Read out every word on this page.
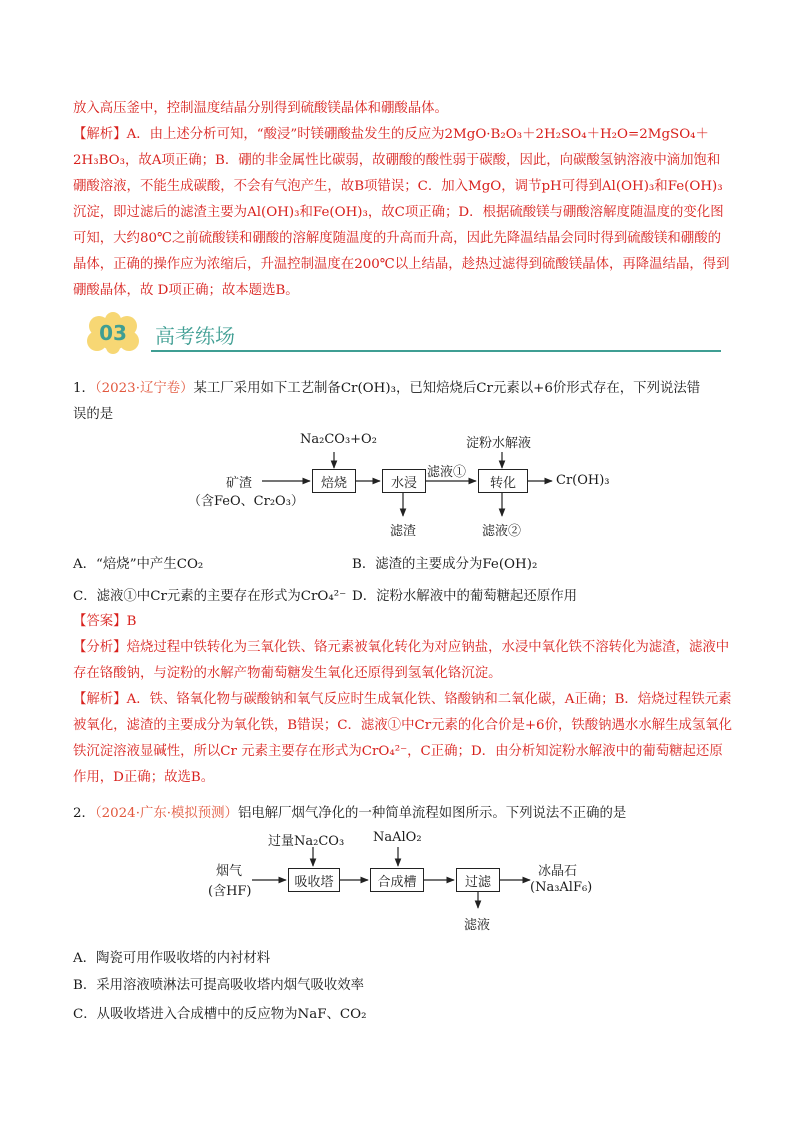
放入高压釜中，控制温度结晶分别得到硫酸镁晶体和硼酸晶体。

【解析】A．由上述分析可知，“酸浸”时镁硼酸盐发生的反应为2MgO·B₂O₃＋2H₂SO₄＋H₂O=2MgSO₄＋2H₃BO₃，故A项正确；B．硼的非金属性比碳弱，故硼酸的酸性弱于碳酸，因此，向碳酸氢钠溶液中滴加饱和硼酸溶液，不能生成碳酸，不会有气泡产生，故B项错误；C．加入MgO，调节pH可得到Al(OH)₃和Fe(OH)₃沉淀，即过滤后的滤渣主要为Al(OH)₃和Fe(OH)₃，故C项正确；D．根据硫酸镁与硼酸溶解度随温度的变化图可知，大约80℃之前硫酸镁和硼酸的溶解度随温度的升高而升高，因此先降温结晶会同时得到硫酸镁和硼酸的晶体，正确的操作应为浓缩后，升温控制温度在200℃以上结晶，趁热过滤得到硫酸镁晶体，再降温结晶，得到硼酸晶体，故 D项正确；故本题选B。

03 高考练场
1．（2023·辽宁卷）某工厂采用如下工艺制备Cr(OH)₃，已知焙烧后Cr元素以+6价形式存在，下列说法错
误的是
Na₂CO₃+O₂	淀粉水解液
矿渣
（含FeO、Cr₂O₃）
焙烧	水浸
滤液①
转化	Cr(OH)₃
滤渣	滤液②
A．“焙烧”中产生CO₂	B．滤渣的主要成分为Fe(OH)₂
C．滤液①中Cr元素的主要存在形式为CrO₄²⁻ D．淀粉水解液中的葡萄糖起还原作用

【答案】B

【分析】焙烧过程中铁转化为三氧化铁、铬元素被氧化转化为对应钠盐，水浸中氧化铁不溶转化为滤渣，滤液中存在铬酸钠，与淀粉的水解产物葡萄糖发生氧化还原得到氢氧化铬沉淀。

【解析】A．铁、铬氧化物与碳酸钠和氧气反应时生成氧化铁、铬酸钠和二氧化碳，A正确；B．焙烧过程铁元素被氧化，滤渣的主要成分为氧化铁，B错误；C．滤液①中Cr元素的化合价是+6价，铁酸钠遇水水解生成氢氧化铁沉淀溶液显碱性，所以Cr 元素主要存在形式为CrO₄²⁻，C正确；D．由分析知淀粉水解液中的葡萄糖起还原作用，D正确；故选B。

2．（2024·广东·模拟预测）铝电解厂烟气净化的一种简单流程如图所示。下列说法不正确的是
过量Na₂CO₃ NaAlO₂
烟气
(含HF)
吸收塔	合成槽	过滤
冰晶石
(Na₃AlF₆)
滤液
A．陶瓷可用作吸收塔的内衬材料
B．采用溶液喷淋法可提高吸收塔内烟气吸收效率
C．从吸收塔进入合成槽中的反应物为NaF、CO₂
